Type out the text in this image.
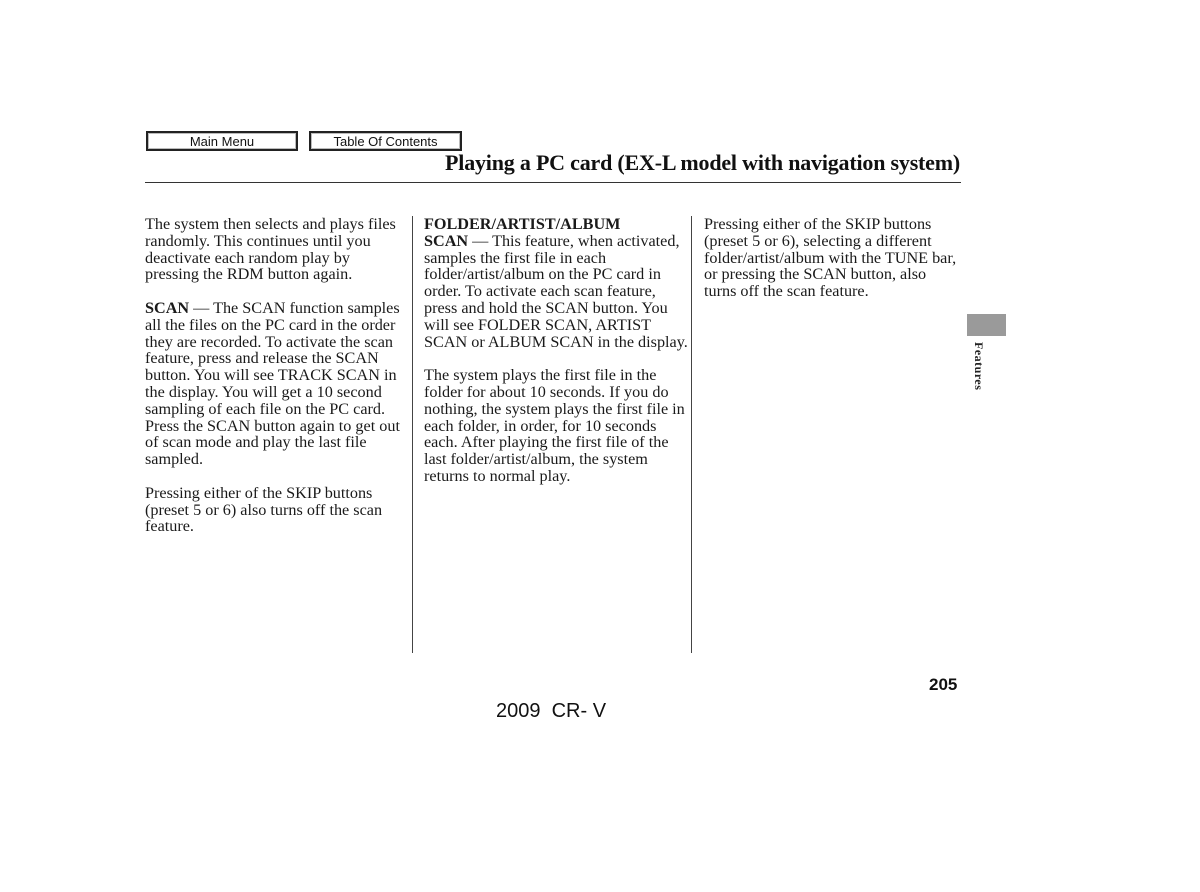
Main Menu	Table Of Contents
Playing a PC card (EX-L model with navigation system)

The system then selects and plays files randomly. This continues until you deactivate each random play by pressing the RDM button again.

SCAN — The SCAN function samples all the files on the PC card in the order they are recorded. To activate the scan feature, press and release the SCAN button. You will see TRACK SCAN in the display. You will get a 10 second sampling of each file on the PC card. Press the SCAN button again to get out of scan mode and play the last file sampled.

Pressing either of the SKIP buttons (preset 5 or 6) also turns off the scan feature.

FOLDER/ARTIST/ALBUM
SCAN — This feature, when activated, samples the first file in each folder/artist/album on the PC card in order. To activate each scan feature, press and hold the SCAN button. You will see FOLDER SCAN, ARTIST SCAN or ALBUM SCAN in the display.

The system plays the first file in the folder for about 10 seconds. If you do nothing, the system plays the first file in each folder, in order, for 10 seconds each. After playing the first file of the last folder/artist/album, the system returns to normal play.

Pressing either of the SKIP buttons (preset 5 or 6), selecting a different folder/artist/album with the TUNE bar, or pressing the SCAN button, also turns off the scan feature.

Features
205
2009  CR- V
